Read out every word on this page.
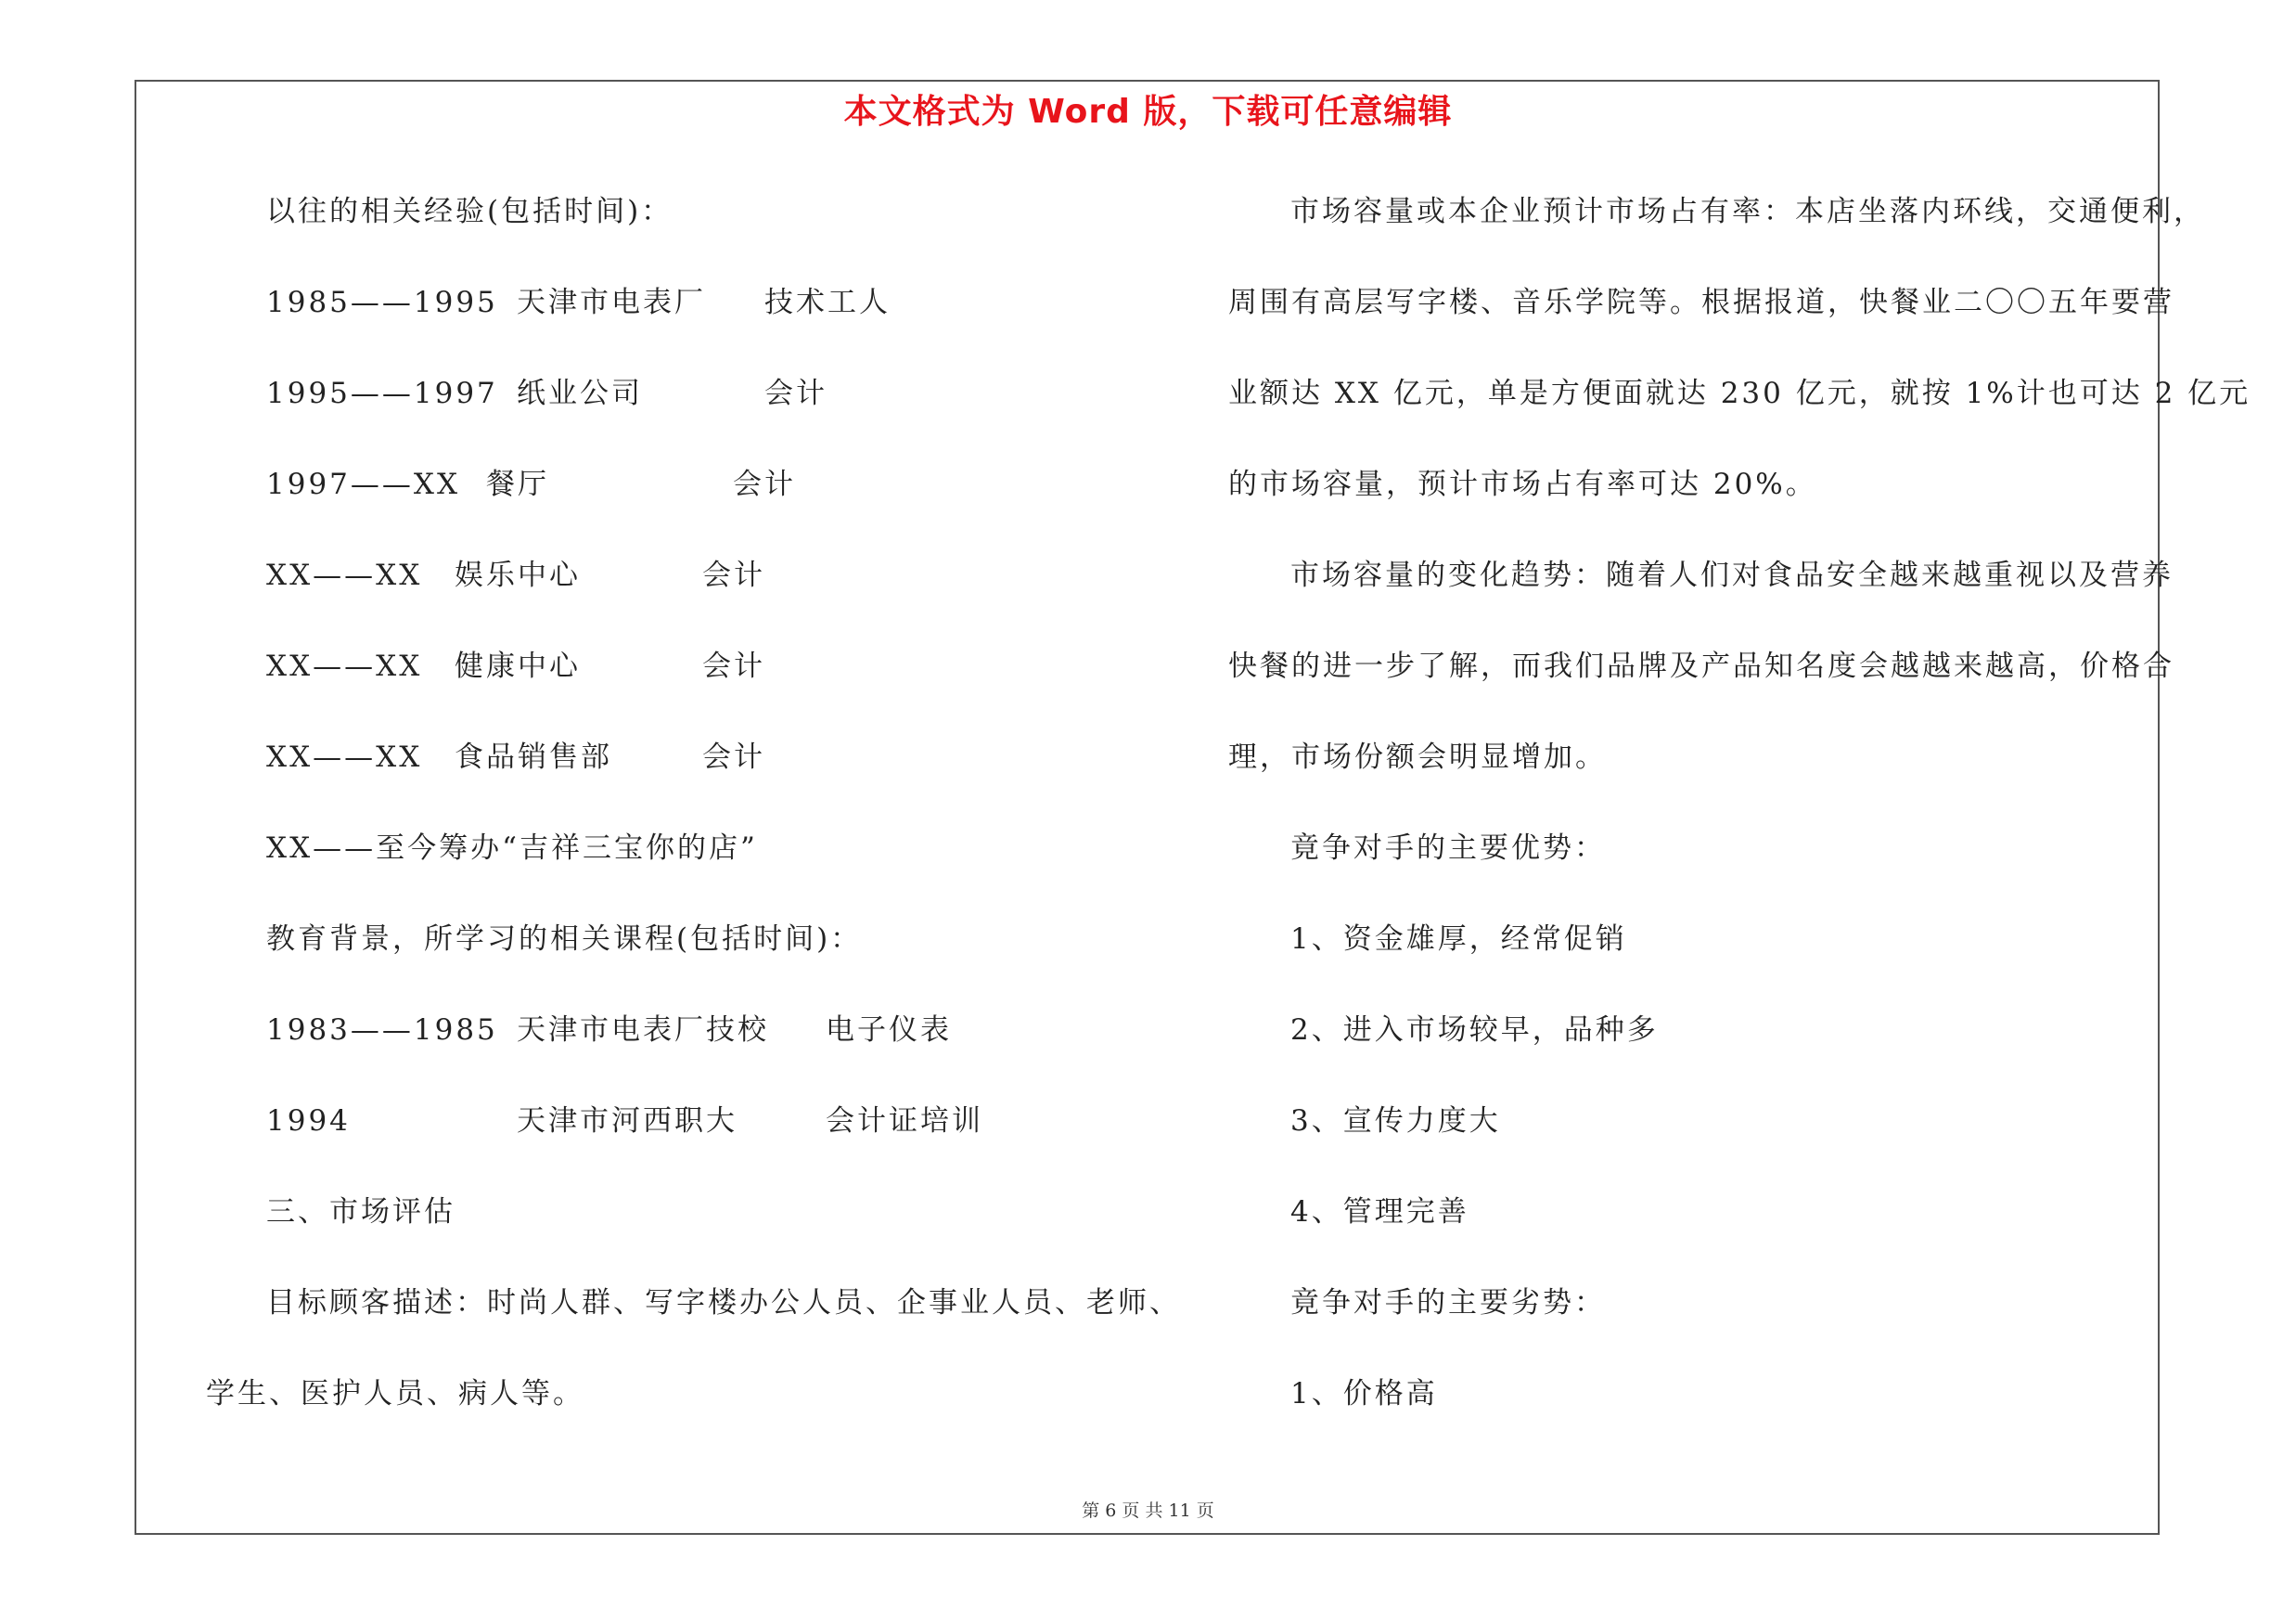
本文格式为 Word 版，下载可任意编辑
以往的相关经验(包括时间)：
1985——1995 天津市电表厂 技术工人
1995——1997 纸业公司	会计
1997——XX 餐厅	会计
XX——XX 娱乐中心	会计
XX——XX 健康中心	会计
XX——XX 食品销售部	会计
XX——至今筹办“吉祥三宝你的店”
教育背景，所学习的相关课程(包括时间)：
1983——1985 天津市电表厂技校 电子仪表
1994	天津市河西职大	会计证培训
三、市场评估
目标顾客描述：时尚人群、写字楼办公人员、企事业人员、老师、
学生、医护人员、病人等。
市场容量或本企业预计市场占有率：本店坐落内环线，交通便利，
周围有高层写字楼、音乐学院等。根据报道，快餐业二〇〇五年要营
业额达 XX 亿元，单是方便面就达 230 亿元，就按 1%计也可达 2 亿元
的市场容量，预计市场占有率可达 20%。
市场容量的变化趋势：随着人们对食品安全越来越重视以及营养
快餐的进一步了解，而我们品牌及产品知名度会越越来越高，价格合
理，市场份额会明显增加。
竟争对手的主要优势：
1、资金雄厚，经常促销
2、进入市场较早，品种多
3、宣传力度大
4、管理完善
竟争对手的主要劣势：
1、价格高
第 6 页 共 11 页
